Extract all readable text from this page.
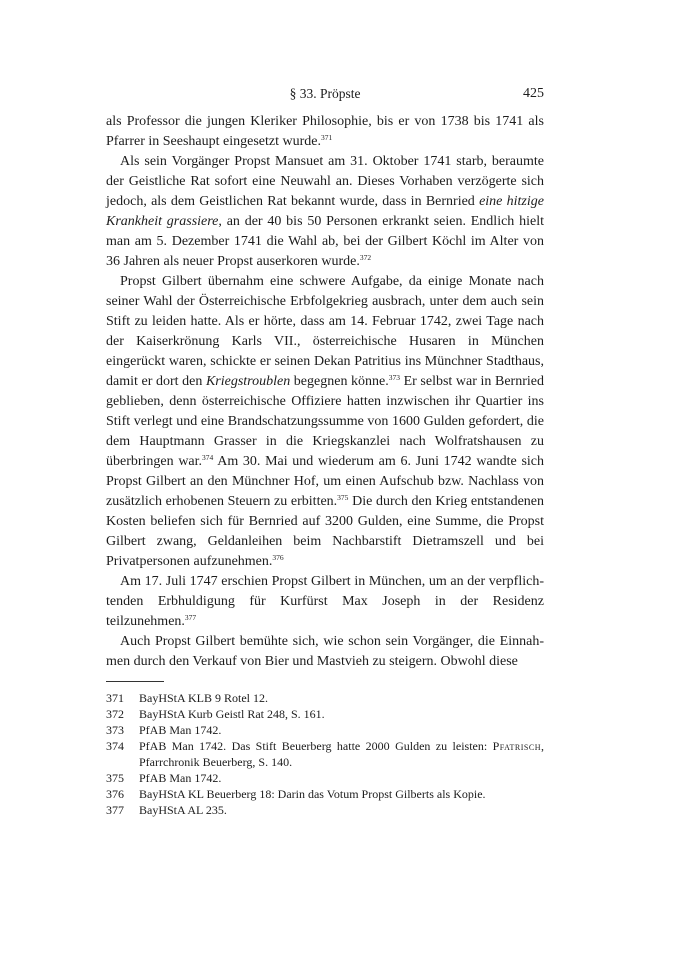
§ 33. Pröpste	425

als Professor die jungen Kleriker Philosophie, bis er von 1738 bis 1741 als Pfarrer in Seeshaupt eingesetzt wurde.$^{371}$

Als sein Vorgänger Propst Mansuet am 31. Oktober 1741 starb, beraumte der Geistliche Rat sofort eine Neuwahl an. Dieses Vorhaben verzögerte sich jedoch, als dem Geistlichen Rat bekannt wurde, dass in Bernried eine hitzige Krankheit grassiere, an der 40 bis 50 Personen erkrankt seien. Endlich hielt man am 5. Dezember 1741 die Wahl ab, bei der Gilbert Köchl im Alter von 36 Jahren als neuer Propst auserkoren wurde.$^{372}$

Propst Gilbert übernahm eine schwere Aufgabe, da einige Monate nach seiner Wahl der Österreichische Erbfolgekrieg ausbrach, unter dem auch sein Stift zu leiden hatte. Als er hörte, dass am 14. Februar 1742, zwei Tage nach der Kaiserkrönung Karls VII., österreichische Husaren in München eingerückt waren, schickte er seinen Dekan Patritius ins Münchner Stadthaus, damit er dort den Kriegstroublen begegnen könne.$^{373}$ Er selbst war in Bernried geblieben, denn österreichische Offiziere hatten inzwischen ihr Quartier ins Stift verlegt und eine Brandschatzungssumme von 1600 Gulden gefordert, die dem Hauptmann Grasser in die Kriegskanzlei nach Wolfratshausen zu überbringen war.$^{374}$ Am 30. Mai und wiederum am 6. Juni 1742 wandte sich Propst Gilbert an den Münchner Hof, um einen Aufschub bzw. Nachlass von zusätzlich erhobenen Steuern zu erbitten.$^{375}$ Die durch den Krieg entstandenen Kosten beliefen sich für Bernried auf 3200 Gulden, eine Summe, die Propst Gilbert zwang, Geldanleihen beim Nachbarstift Dietramszell und bei Privatpersonen aufzunehmen.$^{376}$

Am 17. Juli 1747 erschien Propst Gilbert in München, um an der verpflichtenden Erbhuldigung für Kurfürst Max Joseph in der Residenz teilzunehmen.$^{377}$

Auch Propst Gilbert bemühte sich, wie schon sein Vorgänger, die Einnahmen durch den Verkauf von Bier und Mastvieh zu steigern. Obwohl diese

371 BayHStA KLB 9 Rotel 12.
372 BayHStA Kurb Geistl Rat 248, S. 161.
373 PfAB Man 1742.
374 PfAB Man 1742. Das Stift Beuerberg hatte 2000 Gulden zu leisten: Pfatrisch, Pfarrchronik Beuerberg, S. 140.
375 PfAB Man 1742.
376 BayHStA KL Beuerberg 18: Darin das Votum Propst Gilberts als Kopie.
377 BayHStA AL 235.
